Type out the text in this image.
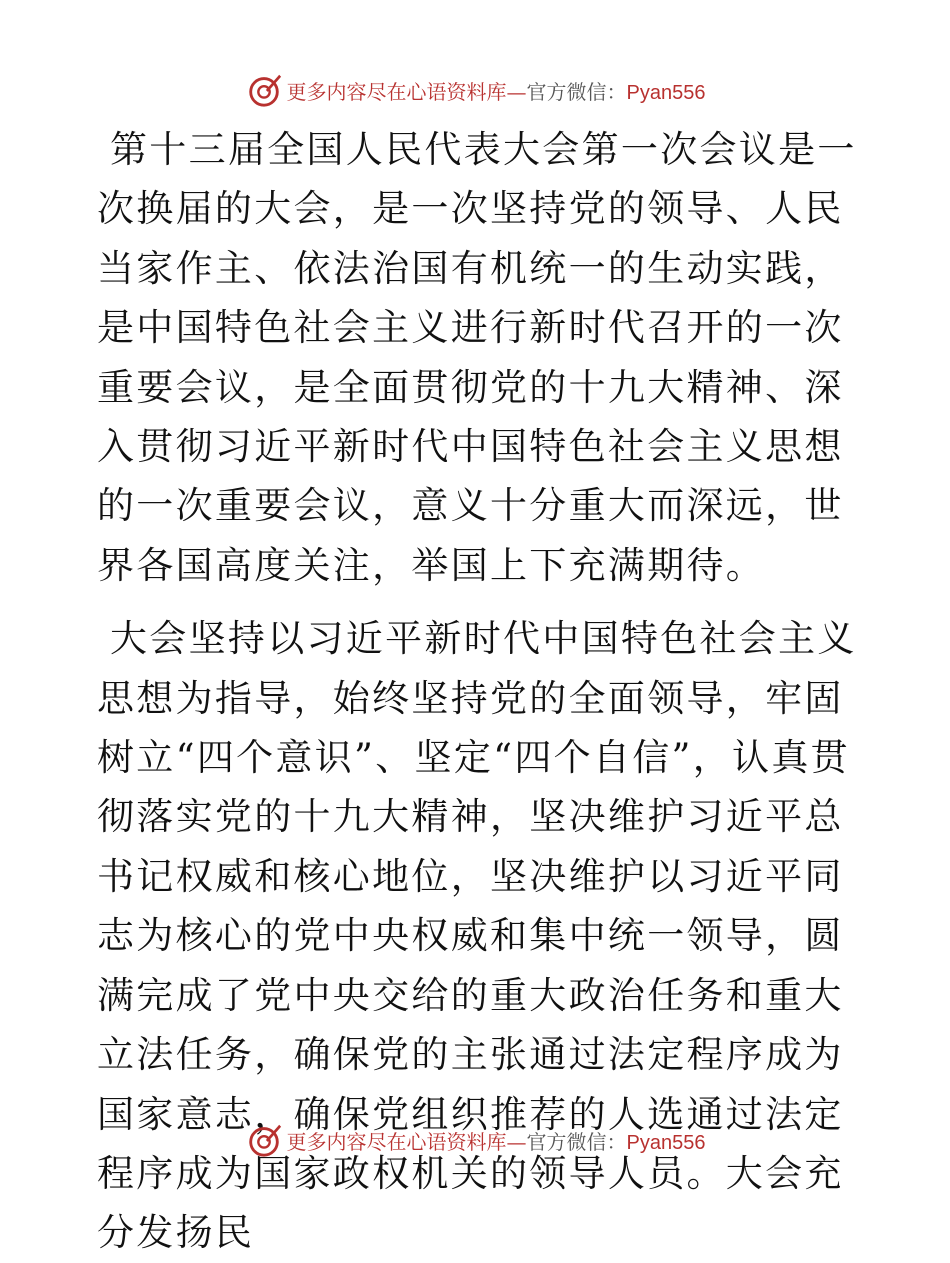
更多内容尽在心语资料库—官方微信：Pyan556

第十三届全国人民代表大会第一次会议是一次换届的大会，是一次坚持党的领导、人民当家作主、依法治国有机统一的生动实践，是中国特色社会主义进行新时代召开的一次重要会议，是全面贯彻党的十九大精神、深入贯彻习近平新时代中国特色社会主义思想的一次重要会议，意义十分重大而深远，世界各国高度关注，举国上下充满期待。

大会坚持以习近平新时代中国特色社会主义思想为指导，始终坚持党的全面领导，牢固树立“四个意识”、坚定“四个自信”，认真贯彻落实党的十九大精神，坚决维护习近平总书记权威和核心地位，坚决维护以习近平同志为核心的党中央权威和集中统一领导，圆满完成了党中央交给的重大政治任务和重大立法任务，确保党的主张通过法定程序成为国家意志，确保党组织推荐的人选通过法定程序成为国家政权机关的领导人员。大会充分发扬民

更多内容尽在心语资料库—官方微信：Pyan556
